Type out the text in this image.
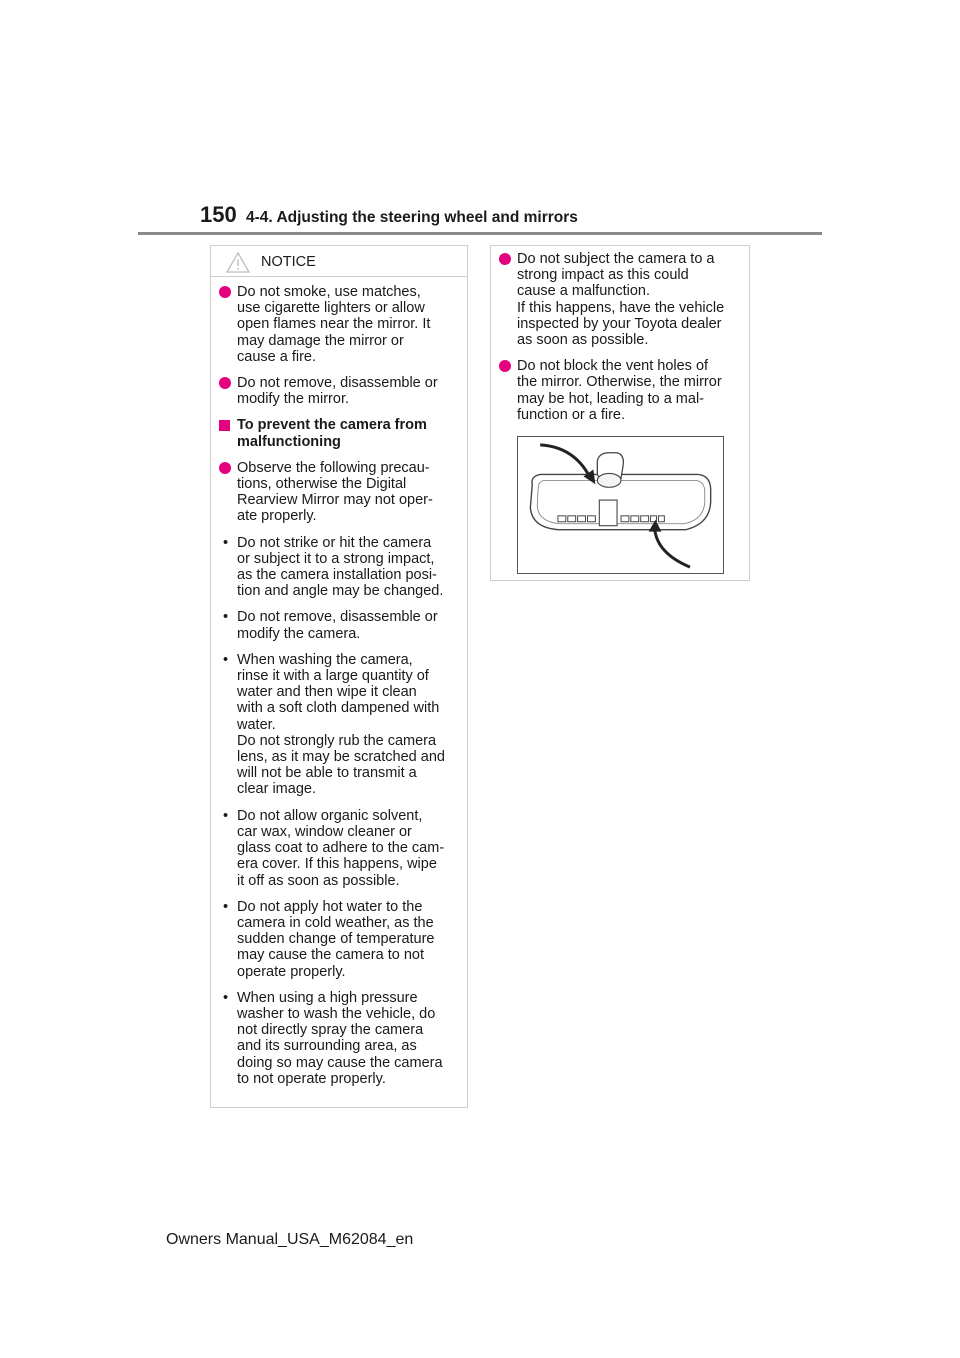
150 4-4. Adjusting the steering wheel and mirrors
NOTICE
Do not smoke, use matches,
use cigarette lighters or allow
open flames near the mirror. It
may damage the mirror or
cause a fire.
Do not remove, disassemble or
modify the mirror.
To prevent the camera from
malfunctioning
Observe the following precau-
tions, otherwise the Digital
Rearview Mirror may not oper-
ate properly.
• Do not strike or hit the camera
or subject it to a strong impact,
as the camera installation posi-
tion and angle may be changed.
• Do not remove, disassemble or
modify the camera.
• When washing the camera,
rinse it with a large quantity of
water and then wipe it clean
with a soft cloth dampened with
water.
Do not strongly rub the camera
lens, as it may be scratched and
will not be able to transmit a
clear image.
• Do not allow organic solvent,
car wax, window cleaner or
glass coat to adhere to the cam-
era cover. If this happens, wipe
it off as soon as possible.
• Do not apply hot water to the
camera in cold weather, as the
sudden change of temperature
may cause the camera to not
operate properly.
• When using a high pressure
washer to wash the vehicle, do
not directly spray the camera
and its surrounding area, as
doing so may cause the camera
to not operate properly.
Do not subject the camera to a
strong impact as this could
cause a malfunction.
If this happens, have the vehicle
inspected by your Toyota dealer
as soon as possible.
Do not block the vent holes of
the mirror. Otherwise, the mirror
may be hot, leading to a mal-
function or a fire.
Owners Manual_USA_M62084_en
